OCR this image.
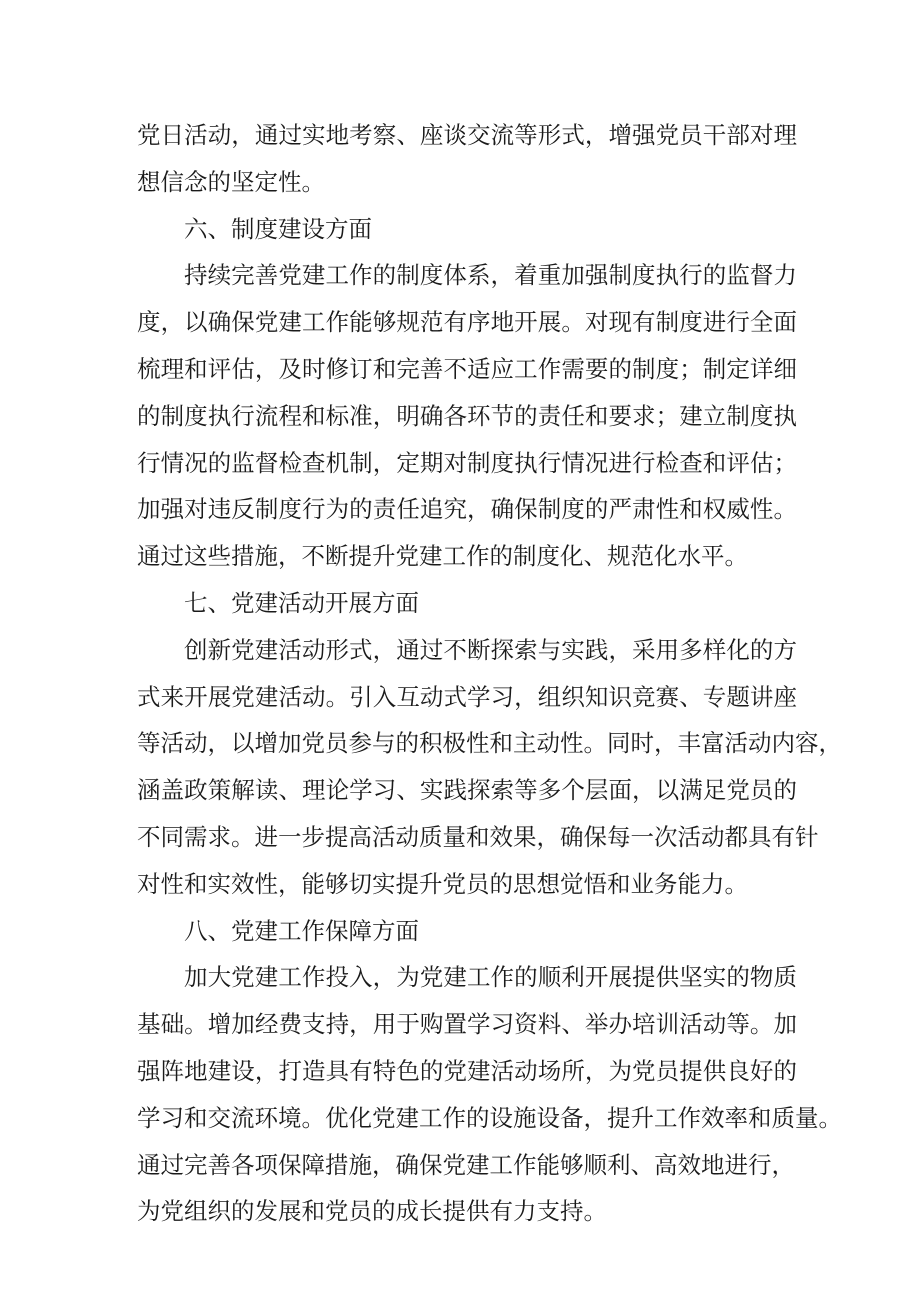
党日活动，通过实地考察、座谈交流等形式，增强党员干部对理
想信念的坚定性。
六、制度建设方面
持续完善党建工作的制度体系，着重加强制度执行的监督力
度，以确保党建工作能够规范有序地开展。对现有制度进行全面
梳理和评估，及时修订和完善不适应工作需要的制度；制定详细
的制度执行流程和标准，明确各环节的责任和要求；建立制度执
行情况的监督检查机制，定期对制度执行情况进行检查和评估；
加强对违反制度行为的责任追究，确保制度的严肃性和权威性。
通过这些措施，不断提升党建工作的制度化、规范化水平。
七、党建活动开展方面
创新党建活动形式，通过不断探索与实践，采用多样化的方
式来开展党建活动。引入互动式学习，组织知识竞赛、专题讲座
等活动，以增加党员参与的积极性和主动性。同时，丰富活动内容，
涵盖政策解读、理论学习、实践探索等多个层面，以满足党员的
不同需求。进一步提高活动质量和效果，确保每一次活动都具有针
对性和实效性，能够切实提升党员的思想觉悟和业务能力。
八、党建工作保障方面
加大党建工作投入，为党建工作的顺利开展提供坚实的物质
基础。增加经费支持，用于购置学习资料、举办培训活动等。加
强阵地建设，打造具有特色的党建活动场所，为党员提供良好的
学习和交流环境。优化党建工作的设施设备，提升工作效率和质量。
通过完善各项保障措施，确保党建工作能够顺利、高效地进行，
为党组织的发展和党员的成长提供有力支持。
